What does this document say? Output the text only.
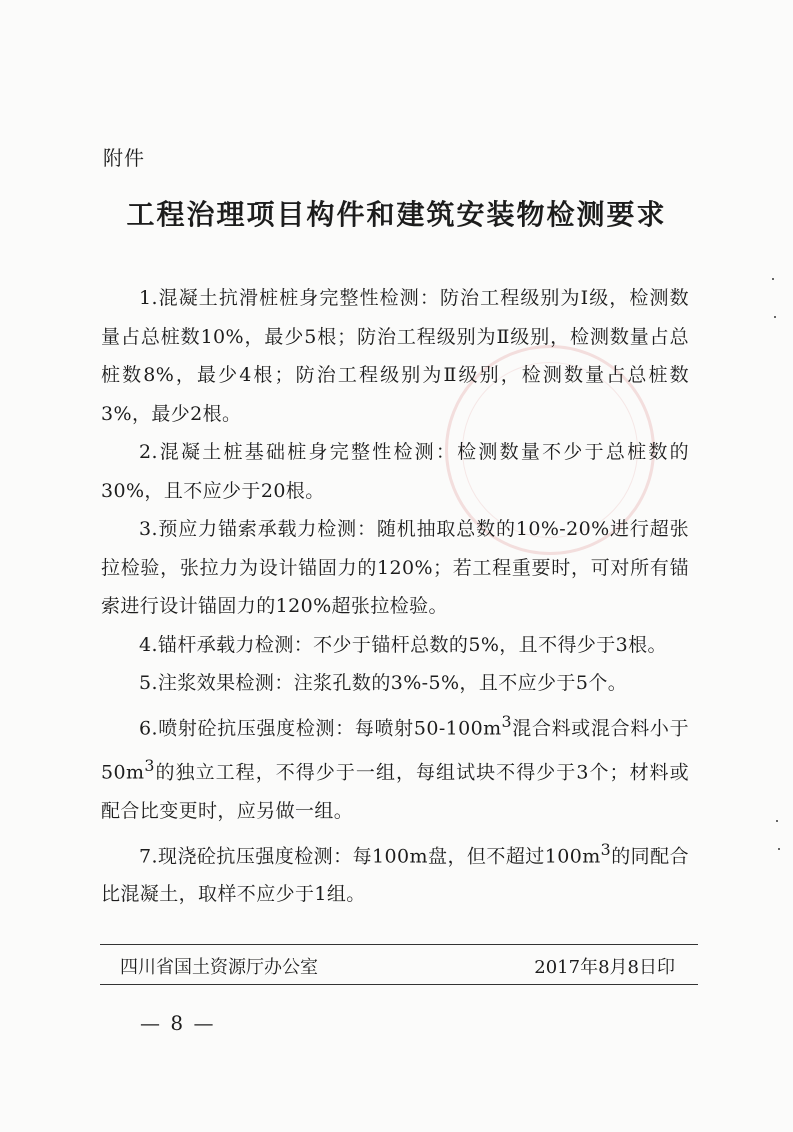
附件
工程治理项目构件和建筑安装物检测要求

1.混凝土抗滑桩桩身完整性检测：防治工程级别为Ⅰ级，检测数量占总桩数10%，最少5根；防治工程级别为Ⅱ级别，检测数量占总桩数8%，最少4根；防治工程级别为Ⅱ级别，检测数量占总桩数3%，最少2根。

2.混凝土桩基础桩身完整性检测：检测数量不少于总桩数的30%，且不应少于20根。

3.预应力锚索承载力检测：随机抽取总数的10%-20%进行超张拉检验，张拉力为设计锚固力的120%；若工程重要时，可对所有锚索进行设计锚固力的120%超张拉检验。

4.锚杆承载力检测：不少于锚杆总数的5%，且不得少于3根。

5.注浆效果检测：注浆孔数的3%-5%，且不应少于5个。

6.喷射砼抗压强度检测：每喷射$50-100m^3$混合料或混合料小于$50m^3$的独立工程，不得少于一组，每组试块不得少于3个；材料或配合比变更时，应另做一组。

7.现浇砼抗压强度检测：每100m盘，但不超过$100m^3$的同配合比混凝土，取样不应少于1组。

四川省国土资源厅办公室	2017年8月8日印
— 8 —
